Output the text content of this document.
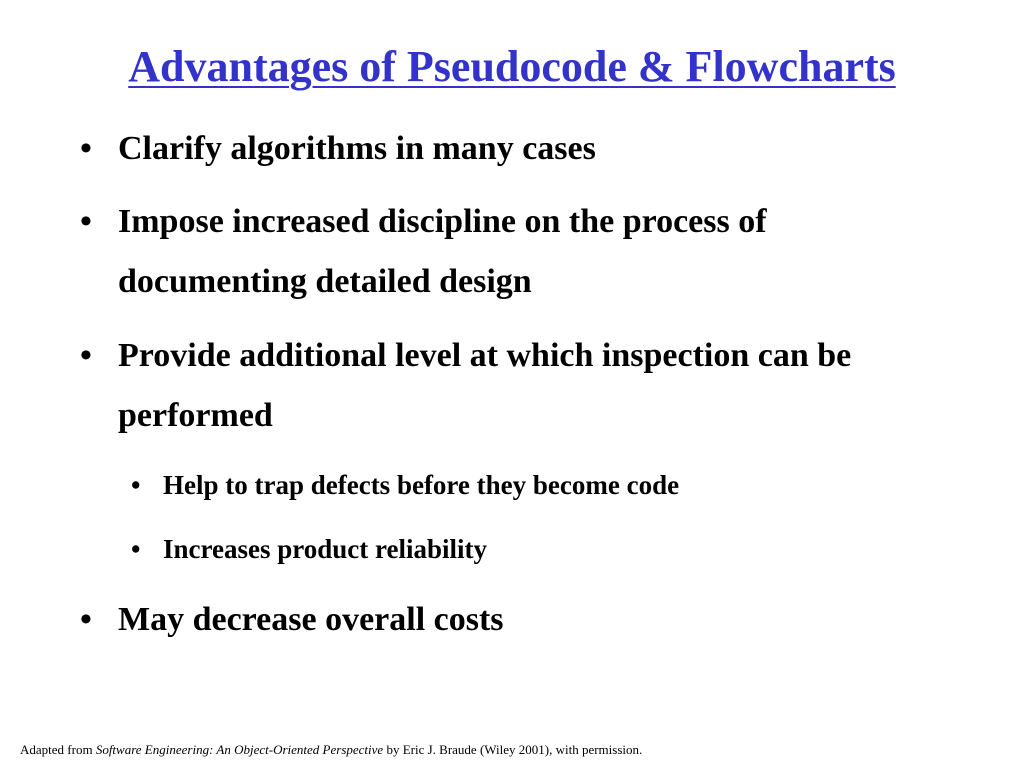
Advantages of Pseudocode & Flowcharts
• Clarify algorithms in many cases
• Impose increased discipline on the process of documenting detailed design
• Provide additional level at which inspection can be performed
• Help to trap defects before they become code
• Increases product reliability
• May decrease overall costs
Adapted from Software Engineering: An Object-Oriented Perspective by Eric J. Braude (Wiley 2001), with permission.
